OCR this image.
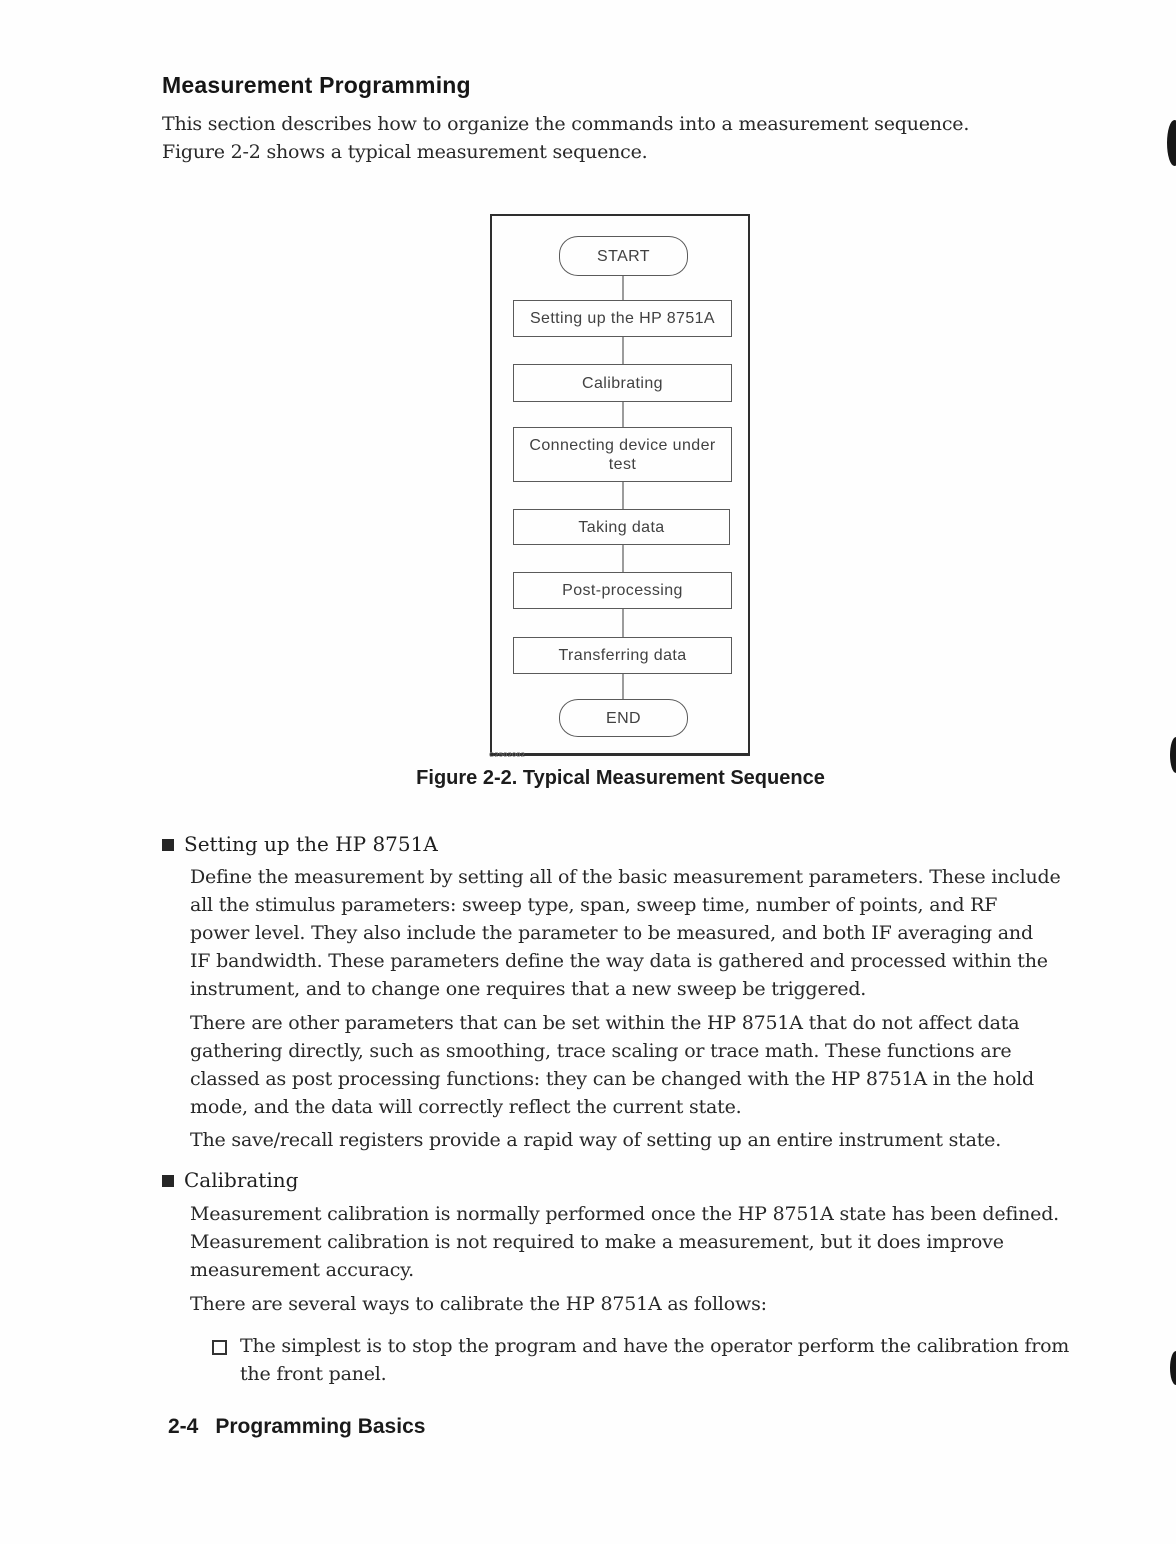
Measurement Programming
This section describes how to organize the commands into a measurement sequence.
Figure 2-2 shows a typical measurement sequence.
START
Setting up the HP 8751A
Calibrating
Connecting device under test
Taking data
Post-processing
Transferring data
END
C2502002
Figure 2-2. Typical Measurement Sequence
Setting up the HP 8751A
Define the measurement by setting all of the basic measurement parameters. These include
all the stimulus parameters: sweep type, span, sweep time, number of points, and RF
power level. They also include the parameter to be measured, and both IF averaging and
IF bandwidth. These parameters define the way data is gathered and processed within the
instrument, and to change one requires that a new sweep be triggered.
There are other parameters that can be set within the HP 8751A that do not affect data
gathering directly, such as smoothing, trace scaling or trace math. These functions are
classed as post processing functions: they can be changed with the HP 8751A in the hold
mode, and the data will correctly reflect the current state.
The save/recall registers provide a rapid way of setting up an entire instrument state.
Calibrating
Measurement calibration is normally performed once the HP 8751A state has been defined.
Measurement calibration is not required to make a measurement, but it does improve
measurement accuracy.
There are several ways to calibrate the HP 8751A as follows:
The simplest is to stop the program and have the operator perform the calibration from
the front panel.
2-4 Programming Basics
